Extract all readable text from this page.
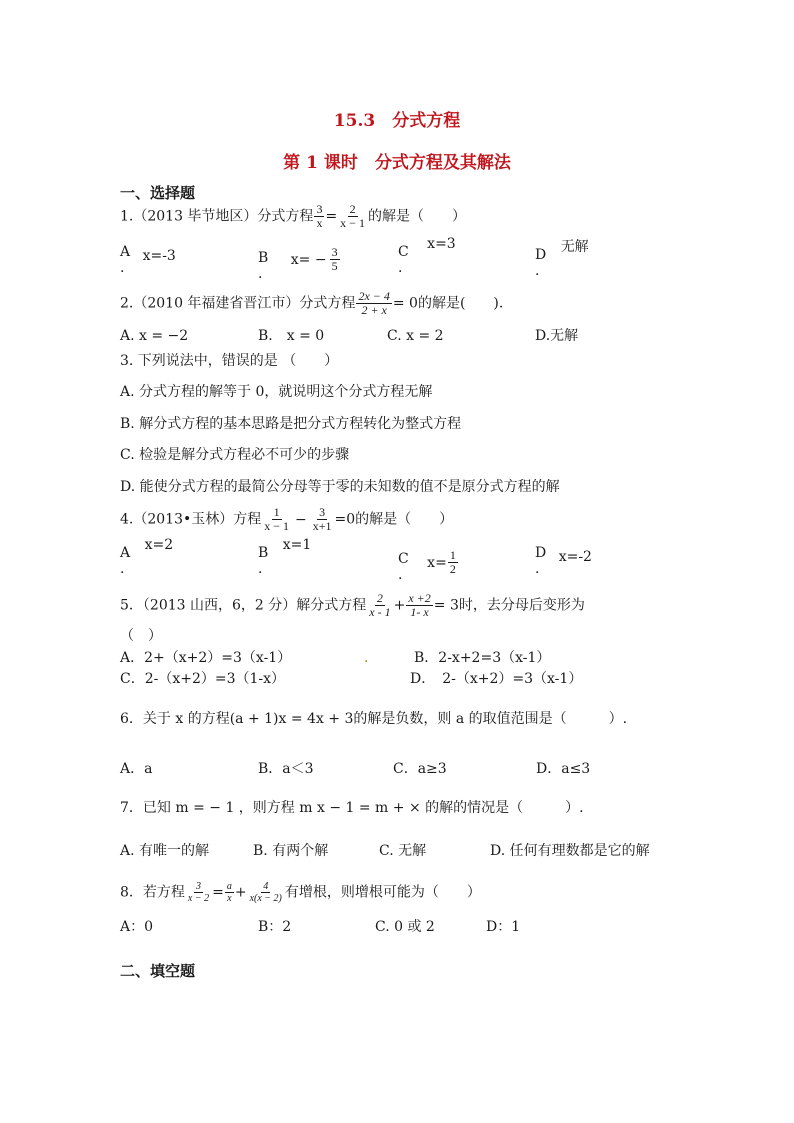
15.3　分式方程
第 1 课时　分式方程及其解法
一、选择题
1.（2013 毕节地区）分式方程 $\frac{3}{x} = \frac{2}{x - 1}$ 的解是（　　）
A
.
x=-3	B
.
$x= - \frac{3}{5}$	C
.
x=3
D
.
无解
2.（2010 年福建省晋江市）分式方程 $\frac{2x - 4}{2 + x} = 0$的解是(　　).
A. x = −2	B.　x = 0	C. x = 2	D.无解
3. 下列说法中，错误的是 （　　）
A. 分式方程的解等于 0，就说明这个分式方程无解
B. 解分式方程的基本思路是把分式方程转化为整式方程
C. 检验是解分式方程必不可少的步骤
D. 能使分式方程的最简公分母等于零的未知数的值不是原分式方程的解
4.（2013•玉林）方程 $\frac{1}{x - 1} - \frac{3}{x+1} =0$的解是（　　）
A
.
x=2	B
.
x=1
C
.
$x= \frac{1}{2}$	D
.
x=-2
5．（2013 山西，6，2 分）解分式方程 $\frac{2}{x - 1} + \frac{x +2}{1- x} = 3$时，去分母后变形为
（　）
A．2+（x+2）=3（x-1）	.	B．2-x+2=3（x-1）
C．2-（x+2）=3（1-x）	D．　2-（x+2）=3（x-1）
6．关于 x 的方程(a + 1)x = 4x + 3的解是负数，则 a 的取值范围是（　　　）.
A．a	B．a＜3	C．a≥3	D．a≤3
7．已知 m = − 1 ，则方程 m x − 1 = m + × 的解的情况是（　　　）.
A. 有唯一的解	B. 有两个解	C. 无解	D. 任何有理数都是它的解
8．若方程 $\frac{3}{x - 2} = \frac{a}{x} + \frac{4}{x(x - 2)}$ 有增根，则增根可能为（　　）
A：0	B：2	C. 0 或 2	D：1
二、填空题
